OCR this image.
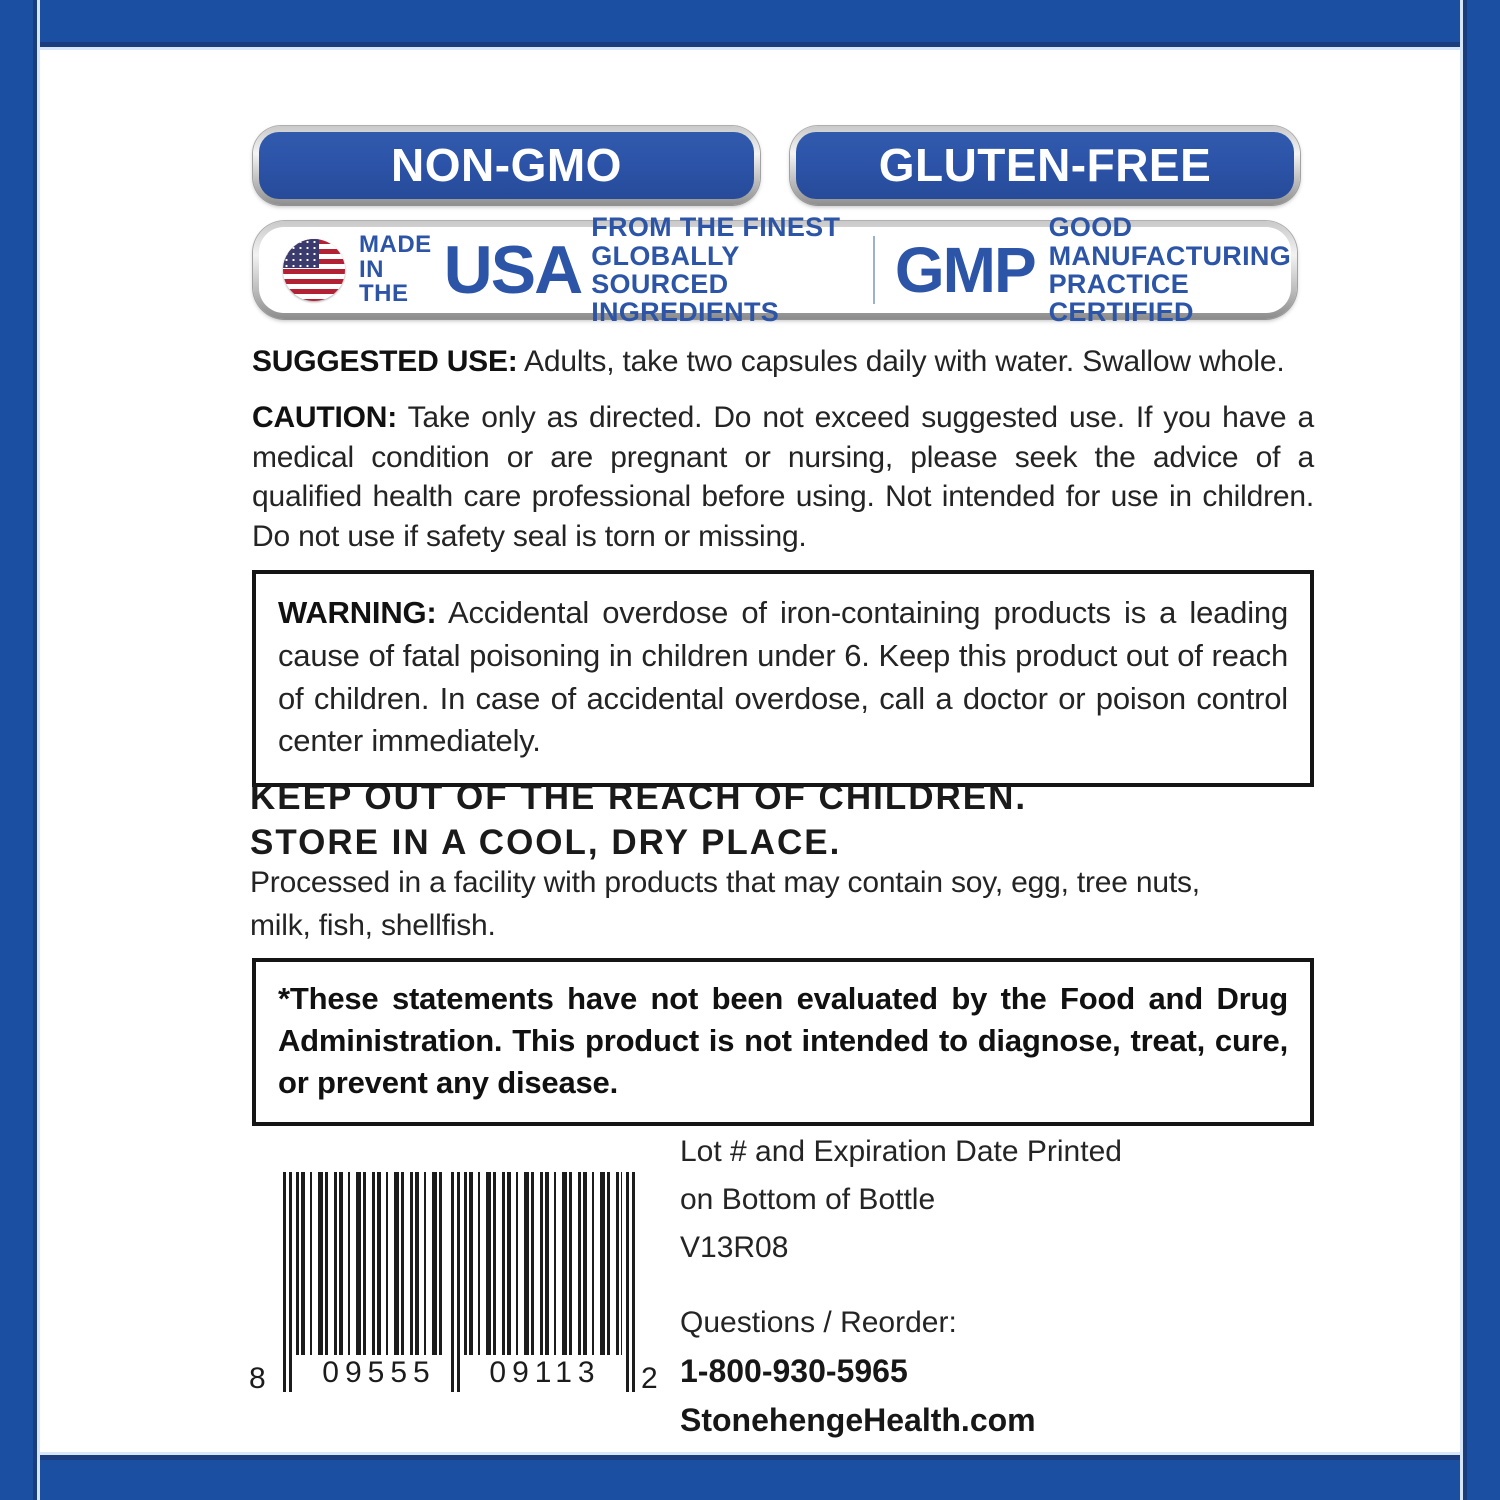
NON-GMO	GLUTEN-FREE
MADE
IN THE USA
FROM THE FINEST GLOBALLY
SOURCED INGREDIENTS
GMP
GOOD MANUFACTURING
PRACTICE CERTIFIED

SUGGESTED USE: Adults, take two capsules daily with water. Swallow whole.

CAUTION: Take only as directed. Do not exceed suggested use. If you have a medical condition or are pregnant or nursing, please seek the advice of a qualified health care professional before using. Not intended for use in children. Do not use if safety seal is torn or missing.

WARNING: Accidental overdose of iron-containing products is a leading cause of fatal poisoning in children under 6. Keep this product out of reach of children. In case of accidental overdose, call a doctor or poison control center immediately.

KEEP OUT OF THE REACH OF CHILDREN.
STORE IN A COOL, DRY PLACE.

Processed in a facility with products that may contain soy, egg, tree nuts, milk, fish, shellfish.

*These statements have not been evaluated by the Food and Drug Administration. This product is not intended to diagnose, treat, cure, or prevent any disease.

8	09555	09113	2
Lot # and Expiration Date Printed
on Bottom of Bottle
V13R08
Questions / Reorder:
1-800-930-5965
StonehengeHealth.com
